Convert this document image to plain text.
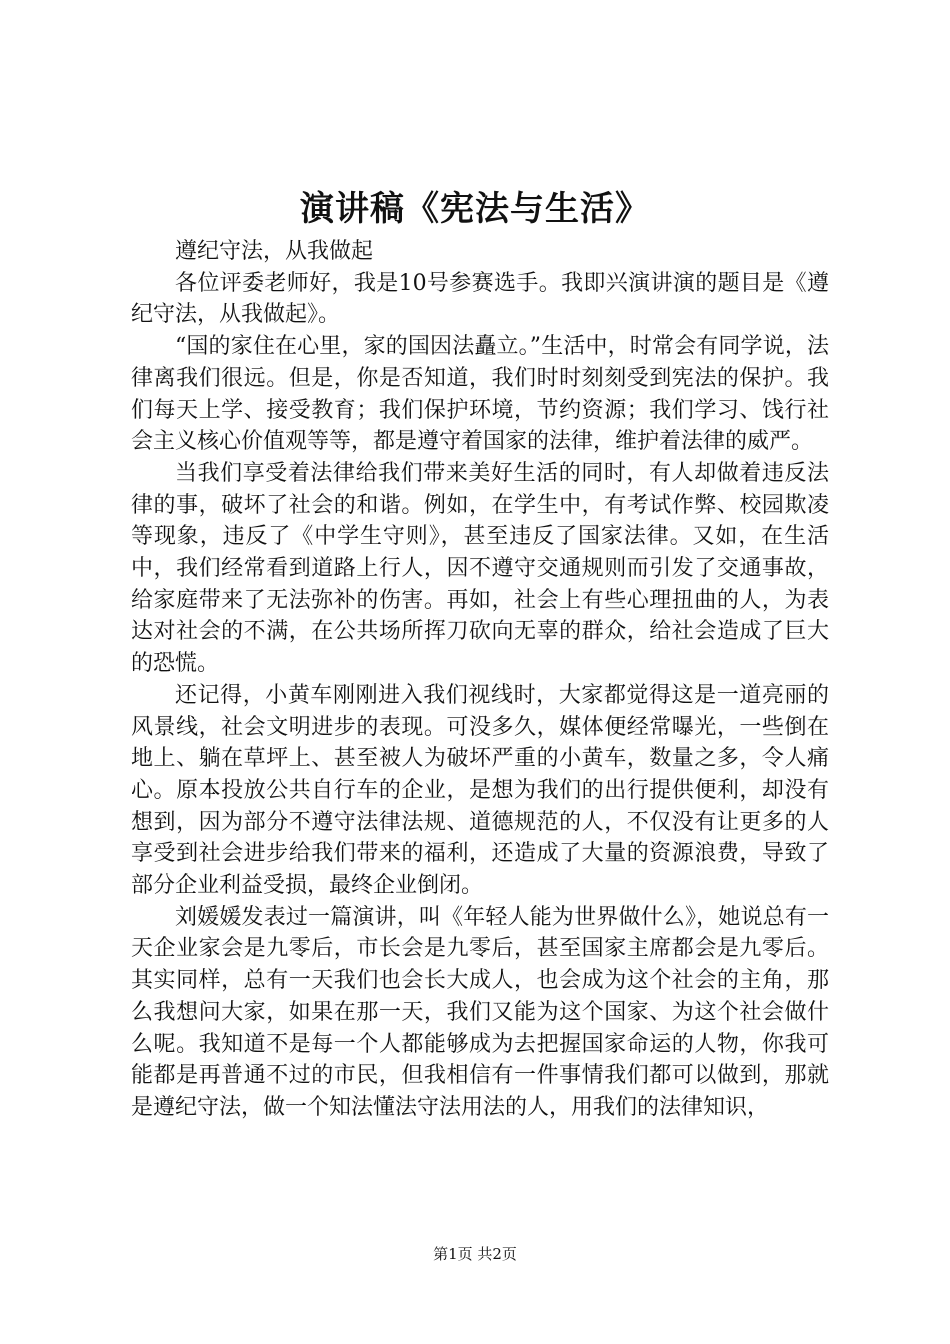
演讲稿《宪法与生活》

遵纪守法，从我做起

各位评委老师好，我是10号参赛选手。我即兴演讲演的题目是《遵纪守法，从我做起》。

“国的家住在心里，家的国因法矗立。”生活中，时常会有同学说，法律离我们很远。但是，你是否知道，我们时时刻刻受到宪法的保护。我们每天上学、接受教育；我们保护环境，节约资源；我们学习、饯行社会主义核心价值观等等，都是遵守着国家的法律，维护着法律的威严。

当我们享受着法律给我们带来美好生活的同时，有人却做着违反法律的事，破坏了社会的和谐。例如，在学生中，有考试作弊、校园欺凌等现象，违反了《中学生守则》，甚至违反了国家法律。又如，在生活中，我们经常看到道路上行人，因不遵守交通规则而引发了交通事故，给家庭带来了无法弥补的伤害。再如，社会上有些心理扭曲的人，为表达对社会的不满，在公共场所挥刀砍向无辜的群众，给社会造成了巨大的恐慌。

还记得，小黄车刚刚进入我们视线时，大家都觉得这是一道亮丽的风景线，社会文明进步的表现。可没多久，媒体便经常曝光，一些倒在地上、躺在草坪上、甚至被人为破坏严重的小黄车，数量之多，令人痛心。原本投放公共自行车的企业，是想为我们的出行提供便利，却没有想到，因为部分不遵守法律法规、道德规范的人，不仅没有让更多的人享受到社会进步给我们带来的福利，还造成了大量的资源浪费，导致了部分企业利益受损，最终企业倒闭。

刘媛媛发表过一篇演讲，叫《年轻人能为世界做什么》，她说总有一天企业家会是九零后，市长会是九零后，甚至国家主席都会是九零后。其实同样，总有一天我们也会长大成人，也会成为这个社会的主角，那么我想问大家，如果在那一天，我们又能为这个国家、为这个社会做什么呢。我知道不是每一个人都能够成为去把握国家命运的人物，你我可能都是再普通不过的市民，但我相信有一件事情我们都可以做到，那就是遵纪守法，做一个知法懂法守法用法的人，用我们的法律知识，

第1页 共2页
